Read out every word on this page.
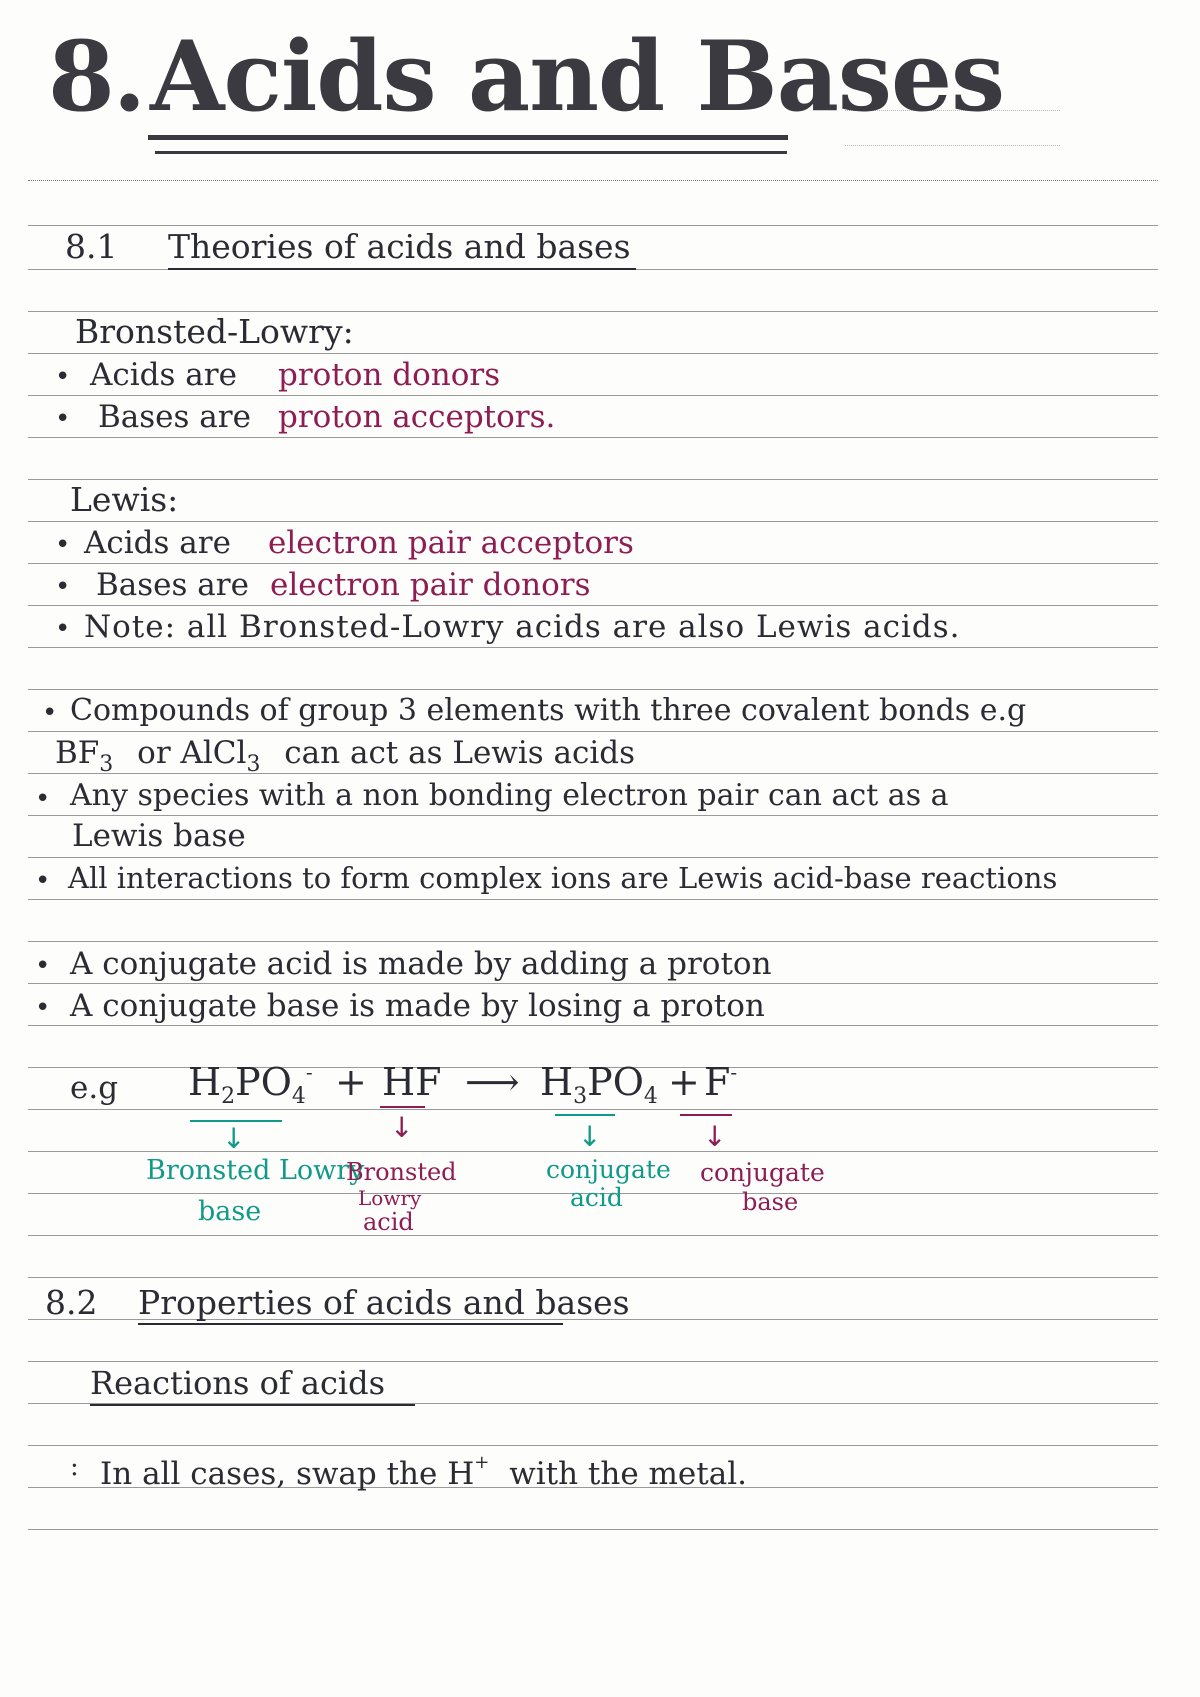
8. Acids and Bases
8.1 Theories of acids and bases
Bronsted-Lowry:
• Acids are proton donors
• Bases are proton acceptors.
Lewis:
• Acids are electron pair acceptors
• Bases are electron pair donors
• Note: all Bronsted-Lowry acids are also Lewis acids.
• Compounds of group 3 elements with three covalent bonds e.g
$BF_3$ or AlCl$_3$ can act as Lewis acids
• Any species with a non bonding electron pair can act as a
Lewis base
• All interactions to form complex ions are Lewis acid-base reactions
• A conjugate acid is made by adding a proton
• A conjugate base is made by losing a proton
e.g $H_2PO_4^-$ + HF ⟶ $H_3PO_4 + F^-$
↓	↓	↓	↓
Bronsted Lowry
base
Bronsted
Lowry
acid
conjugate
acid
conjugate
base
8.2 Properties of acids and bases
Reactions of acids
: In all cases, swap the H+ with the metal.
